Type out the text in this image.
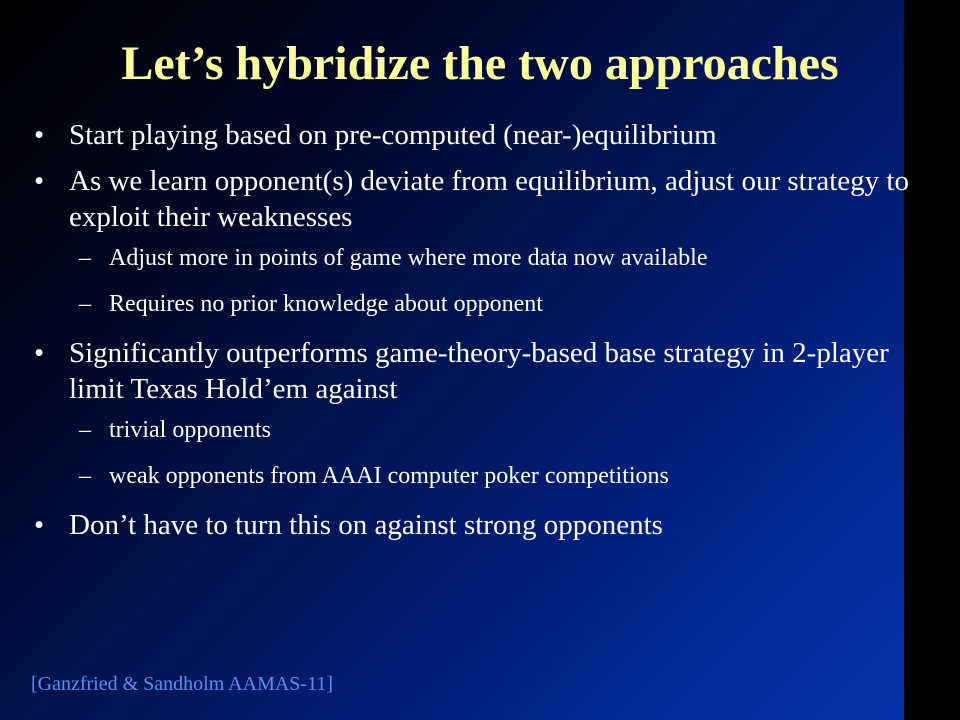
Let’s hybridize the two approaches
• Start playing based on pre-computed (near-)equilibrium
• As we learn opponent(s) deviate from equilibrium, adjust our strategy to exploit their weaknesses
– Adjust more in points of game where more data now available
– Requires no prior knowledge about opponent
• Significantly outperforms game-theory-based base strategy in 2-player limit Texas Hold’em against
– trivial opponents
– weak opponents from AAAI computer poker competitions
• Don’t have to turn this on against strong opponents
[Ganzfried & Sandholm AAMAS-11]
